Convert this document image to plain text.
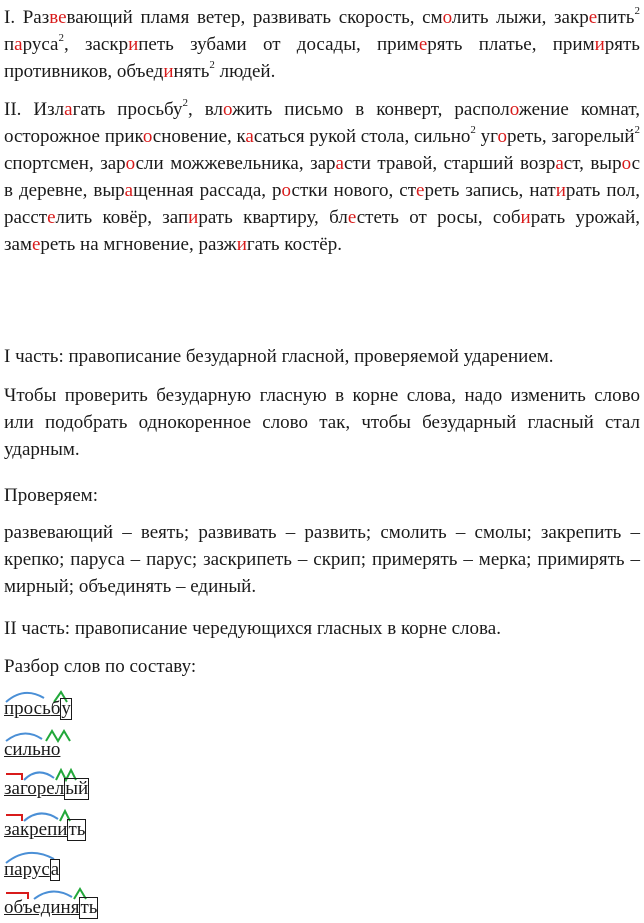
I. Развевающий пламя ветер, развивать скорость, смолить лыжи, закрепить$^2$ паруса$^2$, заскрипеть зубами от досады, примерять платье, примирять противников, объединять$^2$ людей.

II. Излагать просьбу$^2$, вложить письмо в конверт, расположение комнат, осторожное прикосновение, касаться рукой стола, сильно$^2$ угореть, загорелый$^2$ спортсмен, заросли можжевельника, зарасти травой, старший возраст, вырос в деревне, выращенная рассада, ростки нового, стереть запись, натирать пол, расстелить ковёр, запирать квартиру, блестеть от росы, собирать урожай, замереть на мгновение, разжигать костёр.

I часть: правописание безударной гласной, проверяемой ударением.

Чтобы проверить безударную гласную в корне слова, надо изменить слово или подобрать однокоренное слово так, чтобы безударный гласный стал ударным.

Проверяем:

развевающий – веять; развивать – развить; смолить – смолы; закрепить – крепко; паруса – парус; заскрипеть – скрип; примерять – мерка; примирять – мирный; объединять – единый.

II часть: правописание чередующихся гласных в корне слова.

Разбор слов по составу:

просьбу
сильно
загорелый
закрепить
паруса
объединять
